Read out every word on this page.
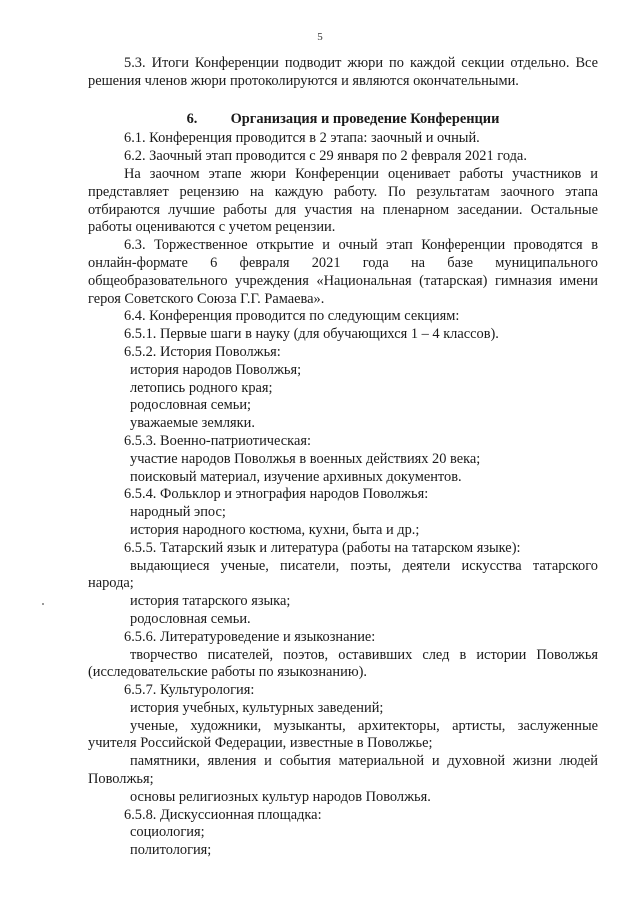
5

5.3. Итоги Конференции подводит жюри по каждой секции отдельно. Все решения членов жюри протоколируются и являются окончательными.

6. Организация и проведение Конференции

6.1. Конференция проводится в 2 этапа: заочный и очный.

6.2. Заочный этап проводится с 29 января по 2 февраля 2021 года.

На заочном этапе жюри Конференции оценивает работы участников и представляет рецензию на каждую работу. По результатам заочного этапа отбираются лучшие работы для участия на пленарном заседании. Остальные работы оцениваются с учетом рецензии.

6.3. Торжественное открытие и очный этап Конференции проводятся в онлайн-формате 6 февраля 2021 года на базе муниципального общеобразовательного учреждения «Национальная (татарская) гимназия имени героя Советского Союза Г.Г. Рамаева».

6.4. Конференция проводится по следующим секциям:

6.5.1. Первые шаги в науку (для обучающихся 1 – 4 классов).

6.5.2. История Поволжья:

история народов Поволжья;

летопись родного края;

родословная семьи;

уважаемые земляки.

6.5.3. Военно-патриотическая:

участие народов Поволжья в военных действиях 20 века;

поисковый материал, изучение архивных документов.

6.5.4. Фольклор и этнография народов Поволжья:

народный эпос;

история народного костюма, кухни, быта и др.;

6.5.5. Татарский язык и литература (работы на татарском языке):

выдающиеся ученые, писатели, поэты, деятели искусства татарского народа;

история татарского языка;

родословная семьи.

6.5.6. Литературоведение и языкознание:

творчество писателей, поэтов, оставивших след в истории Поволжья (исследовательские работы по языкознанию).

6.5.7. Культурология:

история учебных, культурных заведений;

ученые, художники, музыканты, архитекторы, артисты, заслуженные учителя Российской Федерации, известные в Поволжье;

памятники, явления и события материальной и духовной жизни людей Поволжья;

основы религиозных культур народов Поволжья.

6.5.8. Дискуссионная площадка:

социология;

политология;
